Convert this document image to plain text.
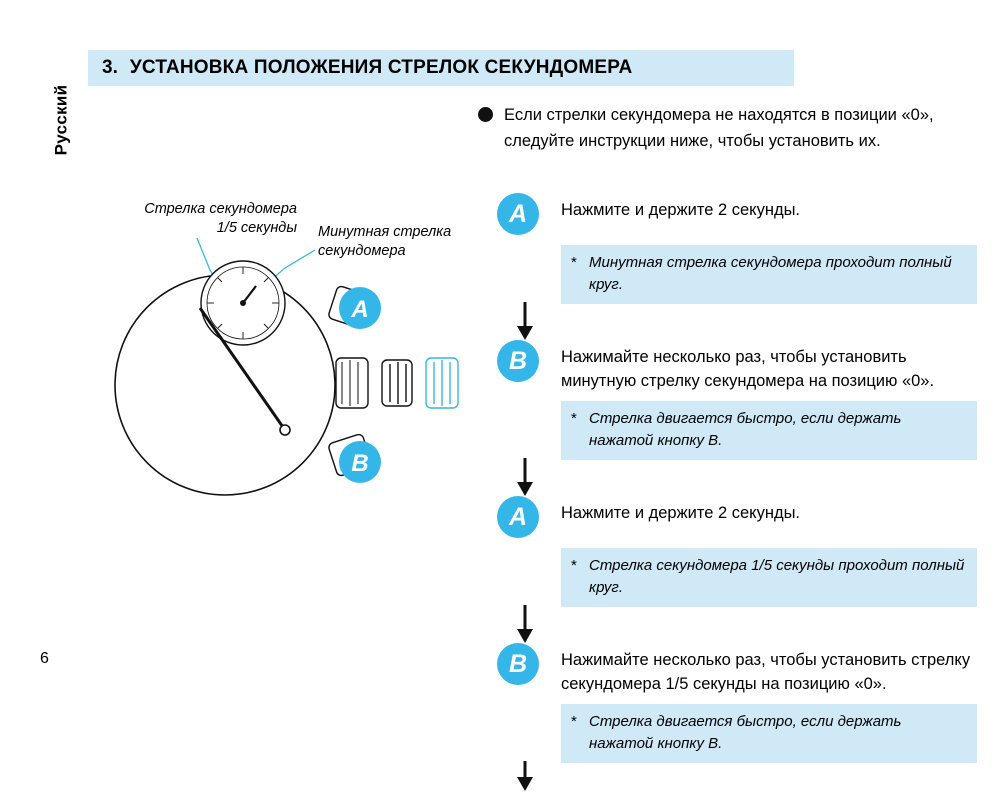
Русский
3. УСТАНОВКА ПОЛОЖЕНИЯ СТРЕЛОК СЕКУНДОМЕРА
Если стрелки секундомера не находятся в позиции «0», следуйте инструкции ниже, чтобы установить их.
Стрелка секундомера
1/5 секунды Минутная стрелка
секундомера
A
B
A	Нажмите и держите 2 секунды.
* Минутная стрелка секундомера проходит полный круг.
B	Нажимайте несколько раз, чтобы установить минутную стрелку секундомера на позицию «0».
* Стрелка двигается быстро, если держать нажатой кнопку B.
A	Нажмите и держите 2 секунды.
* Стрелка секундомера 1/5 секунды проходит полный круг.
B	Нажимайте несколько раз, чтобы установить стрелку секундомера 1/5 секунды на позицию «0».
* Стрелка двигается быстро, если держать нажатой кнопку B.
6
